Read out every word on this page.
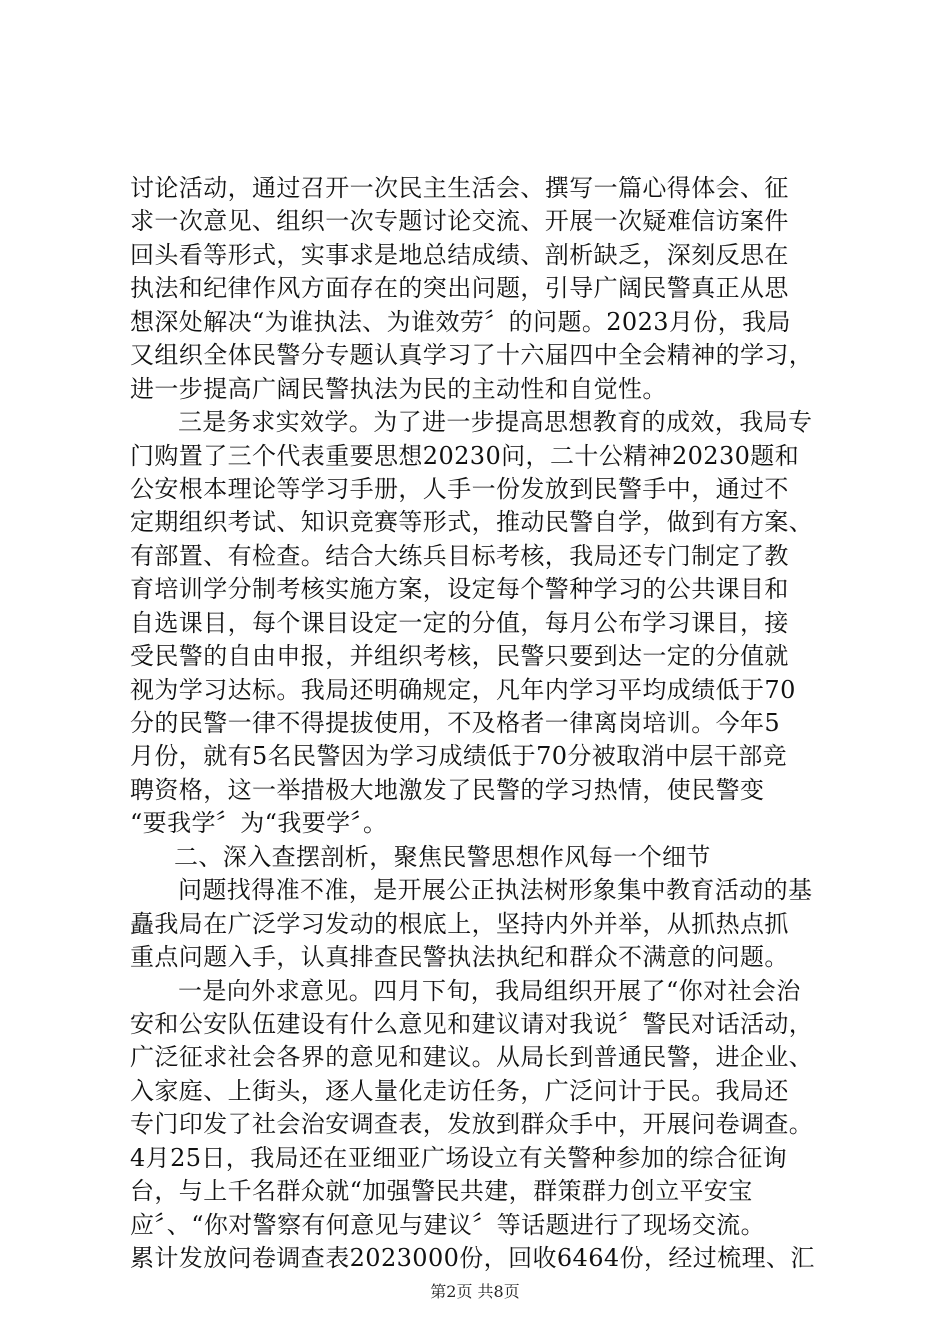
讨论活动，通过召开一次民主生活会、撰写一篇心得体会、征
求一次意见、组织一次专题讨论交流、开展一次疑难信访案件
回头看等形式，实事求是地总结成绩、剖析缺乏，深刻反思在
执法和纪律作风方面存在的突出问题，引导广阔民警真正从思
想深处解决“为谁执法、为谁效劳〞的问题。2023月份，我局
又组织全体民警分专题认真学习了十六届四中全会精神的学习，
进一步提高广阔民警执法为民的主动性和自觉性。
三是务求实效学。为了进一步提高思想教育的成效，我局专
门购置了三个代表重要思想20230问，二十公精神20230题和
公安根本理论等学习手册，人手一份发放到民警手中，通过不
定期组织考试、知识竞赛等形式，推动民警自学，做到有方案、
有部置、有检查。结合大练兵目标考核，我局还专门制定了教
育培训学分制考核实施方案，设定每个警种学习的公共课目和
自选课目，每个课目设定一定的分值，每月公布学习课目，接
受民警的自由申报，并组织考核，民警只要到达一定的分值就
视为学习达标。我局还明确规定，凡年内学习平均成绩低于70
分的民警一律不得提拔使用，不及格者一律离岗培训。今年5
月份，就有5名民警因为学习成绩低于70分被取消中层干部竞
聘资格，这一举措极大地激发了民警的学习热情，使民警变
“要我学〞为“我要学〞。
二、深入查摆剖析，聚焦民警思想作风每一个细节
问题找得准不准，是开展公正执法树形象集中教育活动的基
矗我局在广泛学习发动的根底上，坚持内外并举，从抓热点抓
重点问题入手，认真排查民警执法执纪和群众不满意的问题。
一是向外求意见。四月下旬，我局组织开展了“你对社会治
安和公安队伍建设有什么意见和建议请对我说〞警民对话活动，
广泛征求社会各界的意见和建议。从局长到普通民警，进企业、
入家庭、上街头，逐人量化走访任务，广泛问计于民。我局还
专门印发了社会治安调查表，发放到群众手中，开展问卷调查。
4月25日，我局还在亚细亚广场设立有关警种参加的综合征询
台，与上千名群众就“加强警民共建，群策群力创立平安宝
应〞、“你对警察有何意见与建议〞等话题进行了现场交流。
累计发放问卷调查表2023000份，回收6464份，经过梳理、汇
第2页 共8页
